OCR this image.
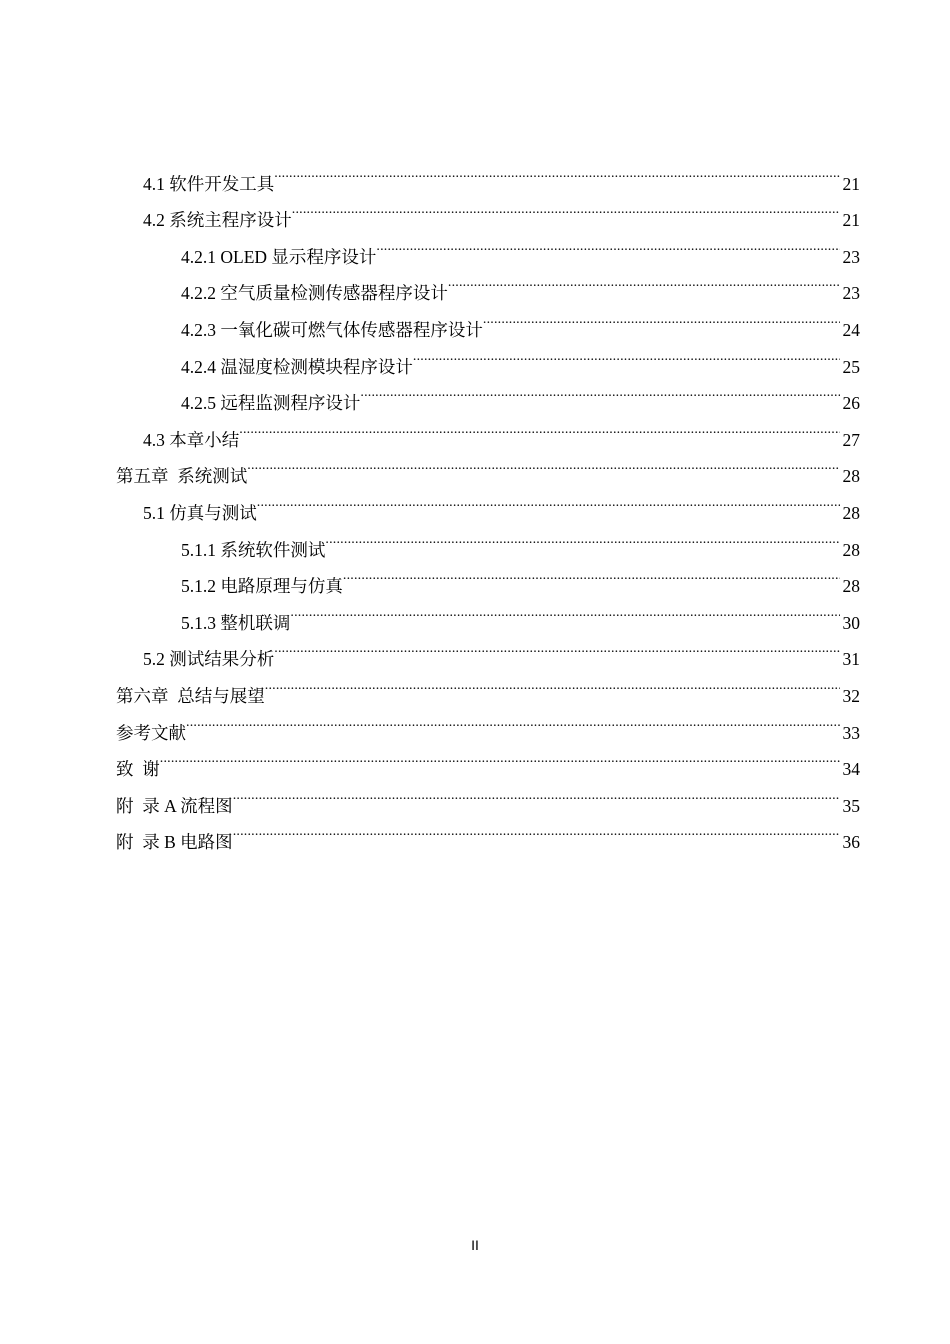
4.1 软件开发工具 .....	21
4.2 系统主程序设计 .....	21
4.2.1 OLED 显示程序设计 .....	23
4.2.2 空气质量检测传感器程序设计 .....	23
4.2.3 一氧化碳可燃气体传感器程序设计 .....	24
4.2.4 温湿度检测模块程序设计 .....	25
4.2.5 远程监测程序设计 .....	26
4.3 本章小结 .....	27
第五章  系统测试 .....	28
5.1 仿真与测试 .....	28
5.1.1 系统软件测试 .....	28
5.1.2 电路原理与仿真 .....	28
5.1.3 整机联调 .....	30
5.2 测试结果分析 .....	31
第六章  总结与展望 .....	32
参考文献 .....	33
致  谢 .....	34
附  录 A 流程图 .....	35
附  录 B 电路图 .....	36
II
